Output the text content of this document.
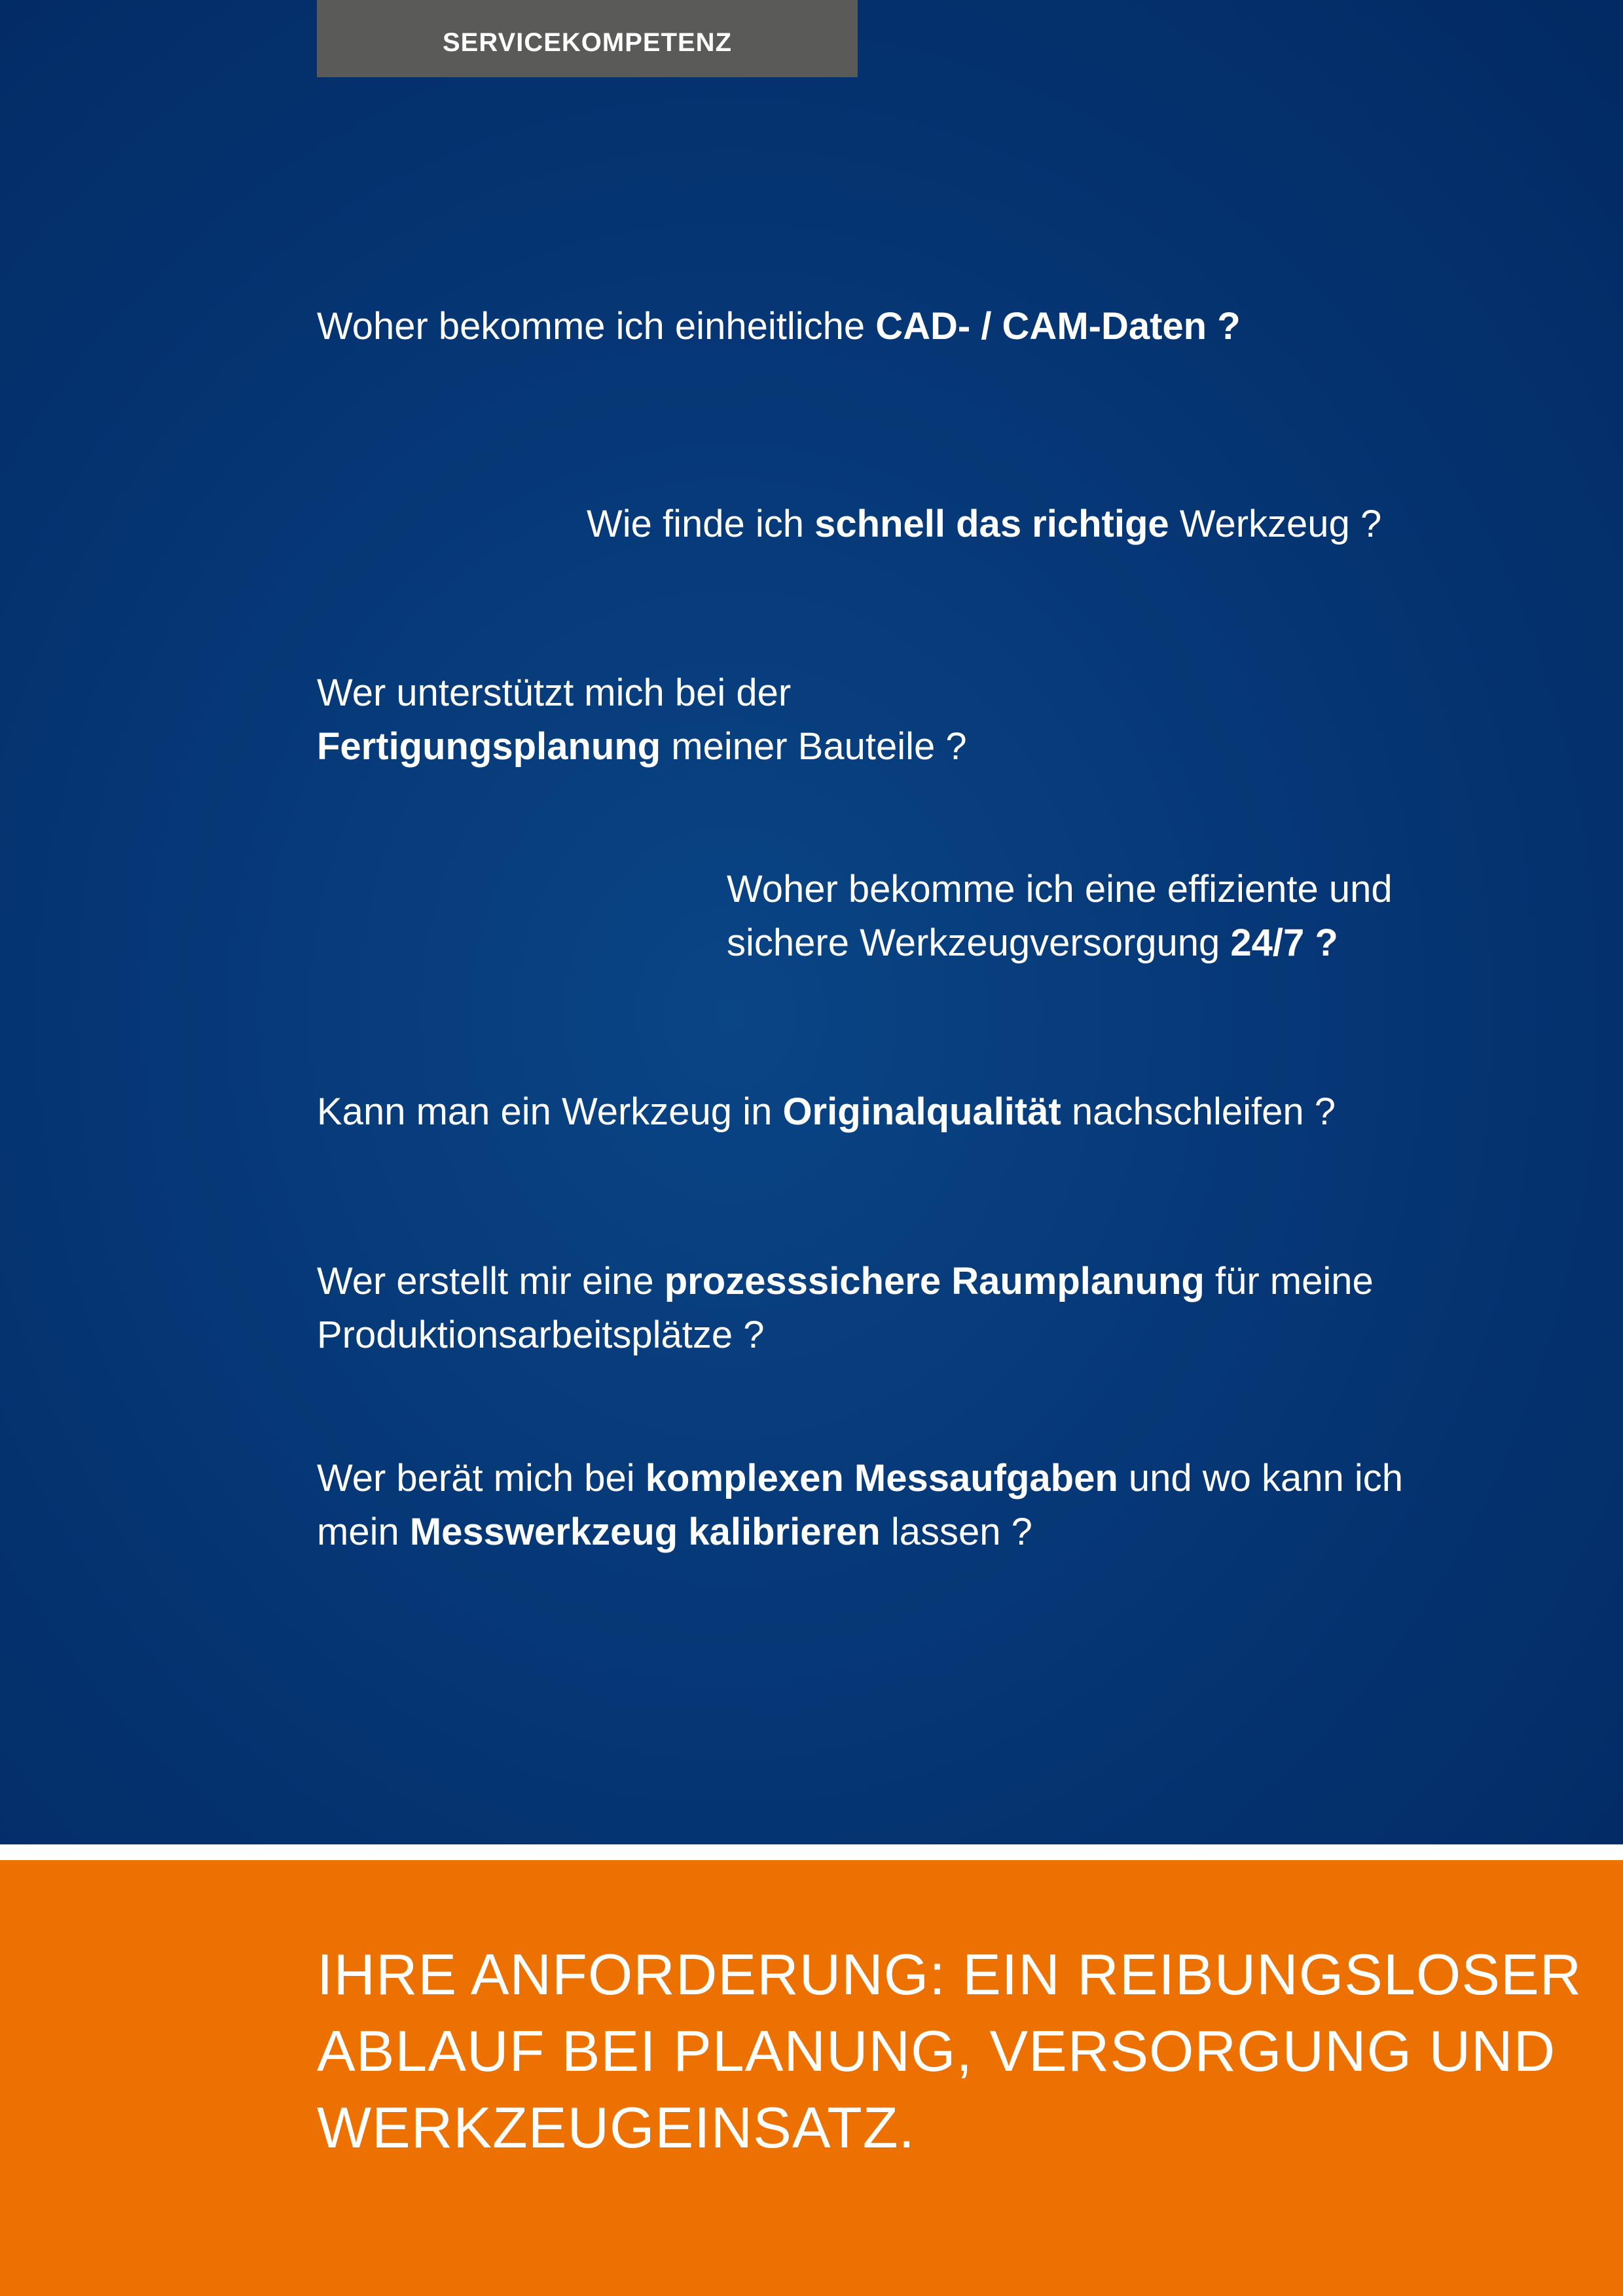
SERVICEKOMPETENZ
Woher bekomme ich einheitliche CAD- / CAM-Daten ?
Wie finde ich schnell das richtige Werkzeug ?
Wer unterstützt mich bei der
Fertigungsplanung meiner Bauteile ?
Woher bekomme ich eine effiziente und
sichere Werkzeugversorgung 24/7 ?
Kann man ein Werkzeug in Originalqualität nachschleifen ?
Wer erstellt mir eine prozesssichere Raumplanung für meine
Produktionsarbeitsplätze ?
Wer berät mich bei komplexen Messaufgaben und wo kann ich
mein Messwerkzeug kalibrieren lassen ?
IHRE ANFORDERUNG: EIN REIBUNGSLOSER
ABLAUF BEI PLANUNG, VERSORGUNG UND
WERKZEUGEINSATZ.
